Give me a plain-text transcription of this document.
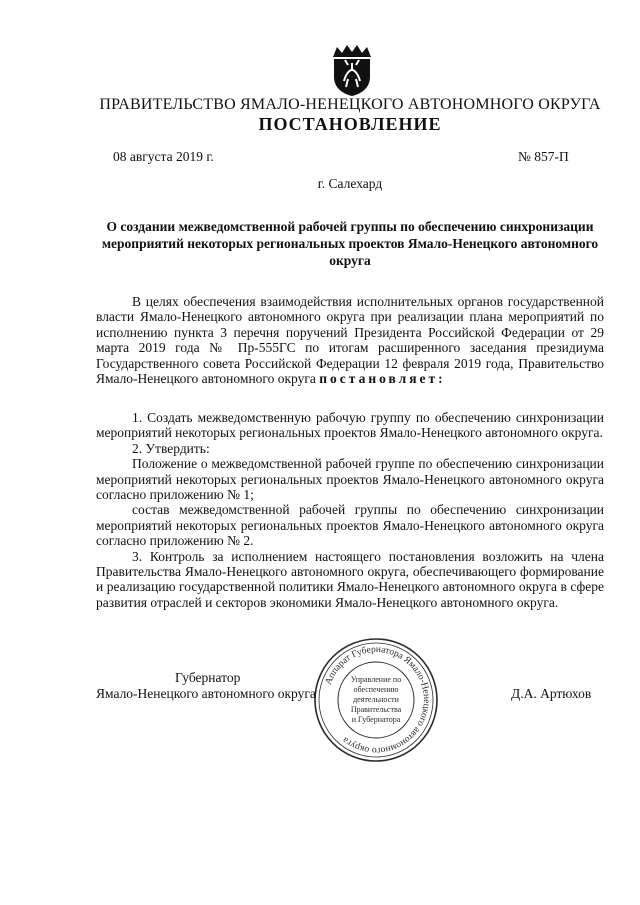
ПРАВИТЕЛЬСТВО ЯМАЛО-НЕНЕЦКОГО АВТОНОМНОГО ОКРУГА
ПОСТАНОВЛЕНИЕ
08 августа 2019 г.	№ 857-П
г. Салехард
О создании межведомственной рабочей группы по обеспечению синхронизации мероприятий некоторых региональных проектов Ямало-Ненецкого автономного округа

В целях обеспечения взаимодействия исполнительных органов государственной власти Ямало-Ненецкого автономного округа при реализации плана мероприятий по исполнению пункта 3 перечня поручений Президента Российской Федерации от 29 марта 2019 года № Пр-555ГС по итогам расширенного заседания президиума Государственного совета Российской Федерации 12 февраля 2019 года, Правительство Ямало-Ненецкого автономного округа постановляет:

1. Создать межведомственную рабочую группу по обеспечению синхронизации мероприятий некоторых региональных проектов Ямало-Ненецкого автономного округа.

2. Утвердить:

Положение о межведомственной рабочей группе по обеспечению синхронизации мероприятий некоторых региональных проектов Ямало-Ненецкого автономного округа согласно приложению № 1;

состав межведомственной рабочей группы по обеспечению синхронизации мероприятий некоторых региональных проектов Ямало-Ненецкого автономного округа согласно приложению № 2.

3. Контроль за исполнением настоящего постановления возложить на члена Правительства Ямало-Ненецкого автономного округа, обеспечивающего формирование и реализацию государственной политики Ямало-Ненецкого автономного округа в сфере развития отраслей и секторов экономики Ямало-Ненецкого автономного округа.

Губернатор
Ямало-Ненецкого автономного округа	Д.А. Артюхов
Аппарат Губернатора Ямало-Ненецкого автономного округа
Управление по
обеспечению
деятельности
Правительства
и Губернатора
